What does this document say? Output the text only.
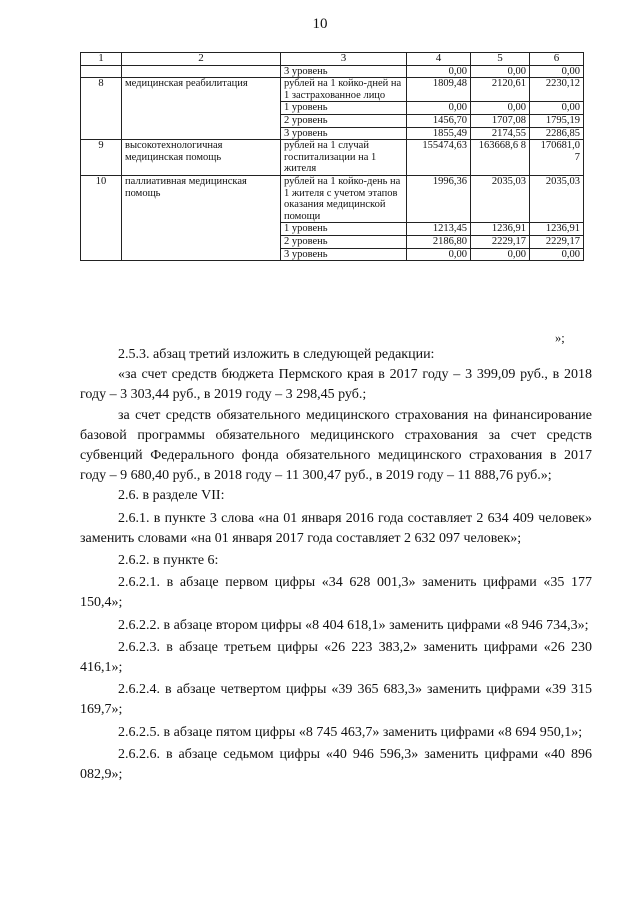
10
1	2	3	4	5	6
		3 уровень	0,00	0,00	0,00
8	медицинская реабилитация	рублей на 1 койко-дней на 1 застрахованное лицо	1809,48	2120,61	2230,12
		1 уровень	0,00	0,00	0,00
		2 уровень	1456,70	1707,08	1795,19
		3 уровень	1855,49	2174,55	2286,85
9	высокотехнологичная медицинская помощь	рублей на 1 случай госпитализации на 1 жителя	155474,63	163668,6 8	170681,0 7
10	паллиативная медицинская помощь	рублей на 1 койко-день на 1 жителя с учетом этапов оказания медицинской помощи	1996,36	2035,03	2035,03
		1 уровень	1213,45	1236,91	1236,91
		2 уровень	2186,80	2229,17	2229,17
		3 уровень	0,00	0,00	0,00
»;

2.5.3. абзац третий изложить в следующей редакции:

«за счет средств бюджета Пермского края в 2017 году – 3 399,09 руб., в 2018 году – 3 303,44 руб., в 2019 году – 3 298,45 руб.;

за счет средств обязательного медицинского страхования на финансирование базовой программы обязательного медицинского страхования за счет средств субвенций Федерального фонда обязательного медицинского страхования в 2017 году – 9 680,40 руб., в 2018 году – 11 300,47 руб., в 2019 году – 11 888,76 руб.»;

2.6. в разделе VII:

2.6.1. в пункте 3 слова «на 01 января 2016 года составляет 2 634 409 человек» заменить словами «на 01 января 2017 года составляет 2 632 097 человек»;

2.6.2. в пункте 6:

2.6.2.1. в абзаце первом цифры «34 628 001,3» заменить цифрами «35 177 150,4»;

2.6.2.2. в абзаце втором цифры «8 404 618,1» заменить цифрами «8 946 734,3»;

2.6.2.3. в абзаце третьем цифры «26 223 383,2» заменить цифрами «26 230 416,1»;

2.6.2.4. в абзаце четвертом цифры «39 365 683,3» заменить цифрами «39 315 169,7»;

2.6.2.5. в абзаце пятом цифры «8 745 463,7» заменить цифрами «8 694 950,1»;

2.6.2.6. в абзаце седьмом цифры «40 946 596,3» заменить цифрами «40 896 082,9»;
